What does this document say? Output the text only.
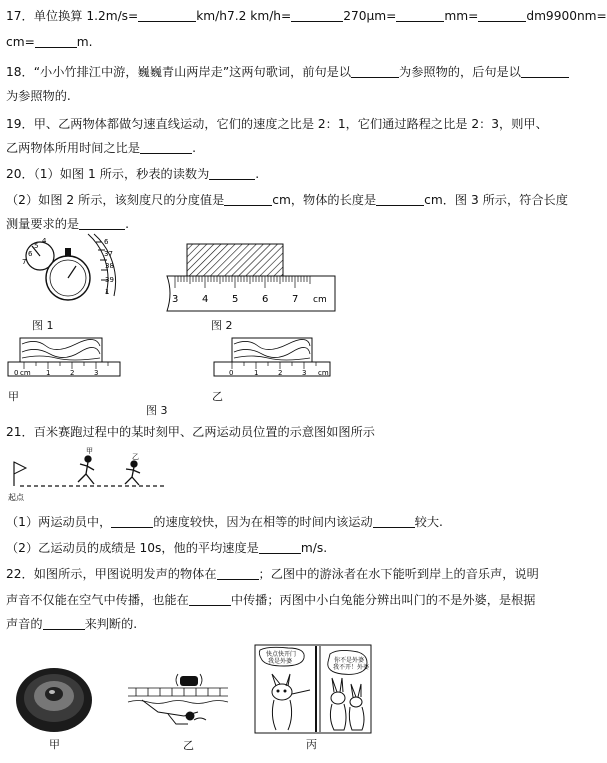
17．单位换算 1.2m/s=	km/h7.2 km/h=	270μm=	mm=	dm9900nm=
cm=	m.
18．“小小竹排江中游，巍巍青山两岸走”这两句歌词，前句是以	为参照物的，后句是以
为参照物的.
19．甲、乙两物体都做匀速直线运动，它们的速度之比是 2：1，它们通过路程之比是 2：3，则甲、
乙两物体所用时间之比是	.
20．（1）如图 1 所示，秒表的读数为	.
（2）如图 2 所示，该刻度尺的分度值是	cm，物体的长度是	cm．图 3 所示，符合长度
测量要求的是	.
4
5
6
7
6
37
38
39
1
图 1
3 4 5 6 7 cm
图 2
0 cm 1	2	3
甲
0	1	2	3 cm
乙
图 3
21．百米赛跑过程中的某时刻甲、乙两运动员位置的示意图如图所示
甲
乙
起点
（1）两运动员中，	的速度较快，因为在相等的时间内该运动	较大.
（2）乙运动员的成绩是 10s，他的平均速度是	m/s.
22．如图所示，甲图说明发声的物体在	；乙图中的游泳者在水下能听到岸上的音乐声，说明
声音不仅能在空气中传播，也能在	中传播；丙图中小白兔能分辨出叫门的不是外婆，是根据
声音的	来判断的.
甲	乙
快点快开门
我是外婆	你不是外婆
我不开！外婆
丙
